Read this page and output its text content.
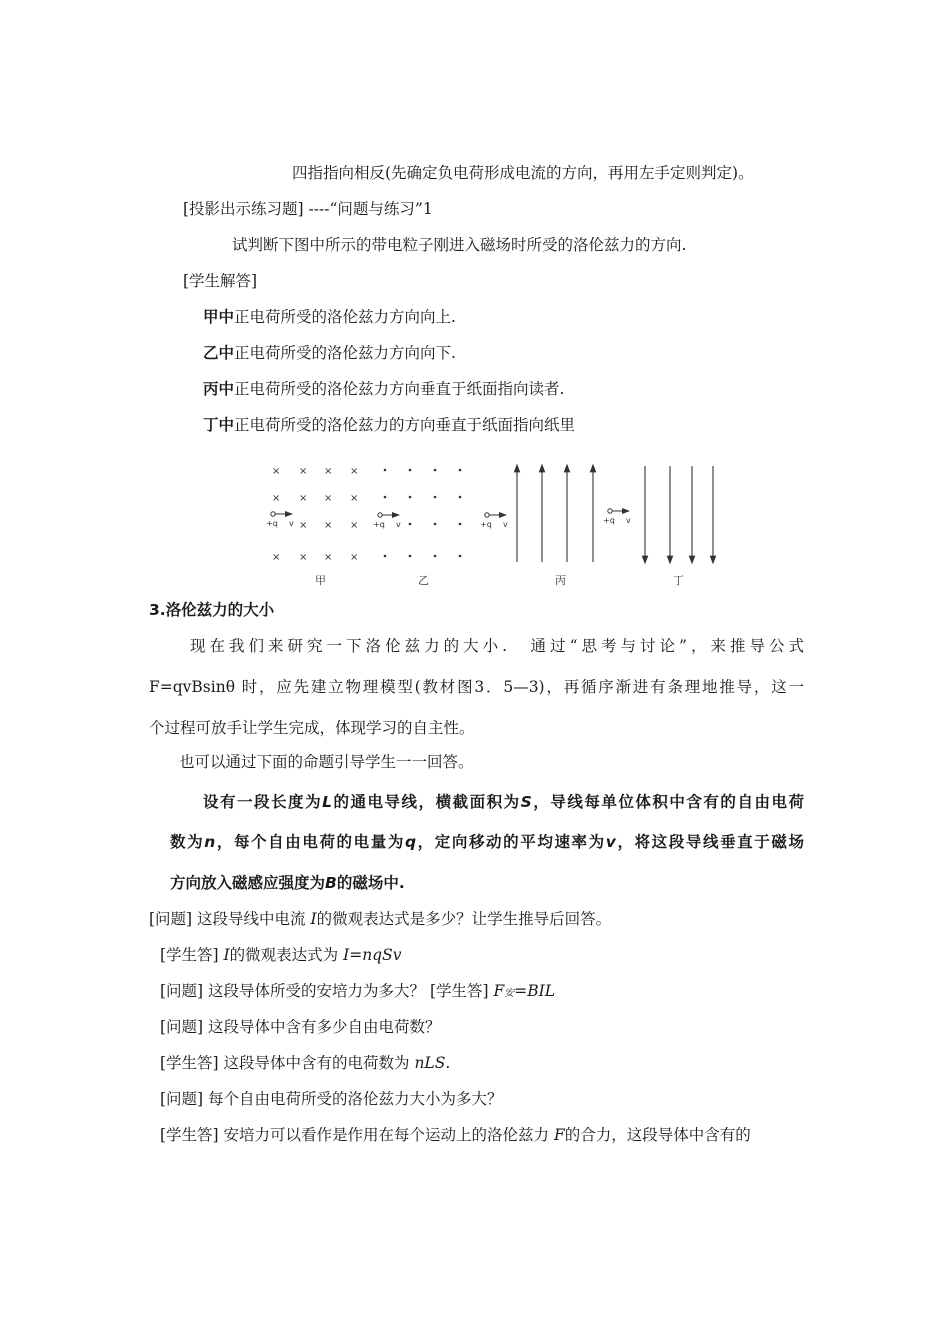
四指指向相反(先确定负电荷形成电流的方向，再用左手定则判定)。
[投影出示练习题] ----“问题与练习”1
试判断下图中所示的带电粒子刚进入磁场时所受的洛伦兹力的方向.
[学生解答]
甲中正电荷所受的洛伦兹力方向向上.
乙中正电荷所受的洛伦兹力方向向下.
丙中正电荷所受的洛伦兹力方向垂直于纸面指向读者.
丁中正电荷所受的洛伦兹力的方向垂直于纸面指向纸里
×
×
×
×
×
×
×
×
×
×
×
×
×
×
×
+q v	+q v	+q v	+q v
甲	乙	丙	丁
3.洛伦兹力的大小
现在我们来研究一下洛伦兹力的大小.　通过“思考与讨论”，来推导公式
F=qvBsinθ 时，应先建立物理模型(教材图3．5—3)，再循序渐进有条理地推导，这一
个过程可放手让学生完成，体现学习的自主性。
也可以通过下面的命题引导学生一一回答。
设有一段长度为L的通电导线，横截面积为S，导线每单位体积中含有的自由电荷
数为n，每个自由电荷的电量为q，定向移动的平均速率为v，将这段导线垂直于磁场
方向放入磁感应强度为B的磁场中.
[问题] 这段导线中电流 I的微观表达式是多少？让学生推导后回答。
[学生答] I的微观表达式为 I=nqSv
[问题] 这段导体所受的安培力为多大？ [学生答] F安=BIL
[问题] 这段导体中含有多少自由电荷数？
[学生答] 这段导体中含有的电荷数为 nLS.
[问题] 每个自由电荷所受的洛伦兹力大小为多大？
[学生答] 安培力可以看作是作用在每个运动上的洛伦兹力 F的合力，这段导体中含有的
